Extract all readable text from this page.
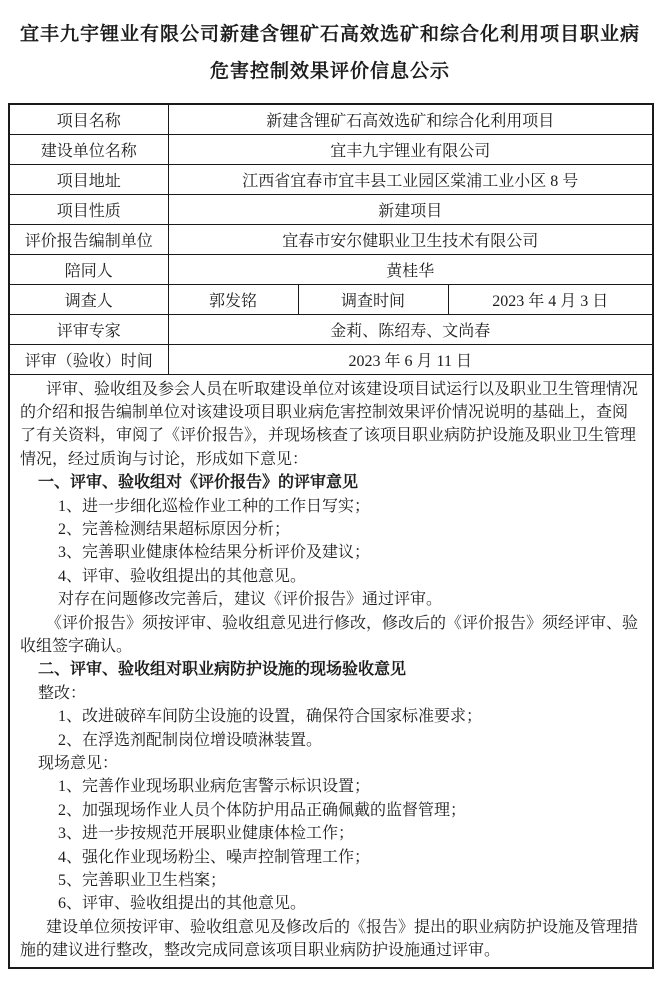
宜丰九宇锂业有限公司新建含锂矿石高效选矿和综合化利用项目职业病
危害控制效果评价信息公示
项目名称	新建含锂矿石高效选矿和综合化利用项目		
建设单位名称	宜丰九宇锂业有限公司		
项目地址	江西省宜春市宜丰县工业园区棠浦工业小区 8 号		
项目性质	新建项目		
评价报告编制单位	宜春市安尔健职业卫生技术有限公司		
陪同人	黄桂华		
调查人	郭发铭	调查时间	2023 年 4 月 3 日
评审专家	金莉、陈绍寿、文尚春		
评审（验收）时间	2023 年 6 月 11 日		

评审、验收组及参会人员在听取建设单位对该建设项目试运行以及职业卫生管理情况的介绍和报告编制单位对该建设项目职业病危害控制效果评价情况说明的基础上，查阅了有关资料，审阅了《评价报告》，并现场核查了该项目职业病防护设施及职业卫生管理情况，经过质询与讨论，形成如下意见：

一、评审、验收组对《评价报告》的评审意见

1、进一步细化巡检作业工种的工作日写实；

2、完善检测结果超标原因分析；

3、完善职业健康体检结果分析评价及建议；

4、评审、验收组提出的其他意见。

对存在问题修改完善后，建议《评价报告》通过评审。

《评价报告》须按评审、验收组意见进行修改，修改后的《评价报告》须经评审、验收组签字确认。

二、评审、验收组对职业病防护设施的现场验收意见

整改：

1、改进破碎车间防尘设施的设置，确保符合国家标准要求；

2、在浮选剂配制岗位增设喷淋装置。

现场意见：

1、完善作业现场职业病危害警示标识设置；

2、加强现场作业人员个体防护用品正确佩戴的监督管理；

3、进一步按规范开展职业健康体检工作；

4、强化作业现场粉尘、噪声控制管理工作；

5、完善职业卫生档案；

6、评审、验收组提出的其他意见。

建设单位须按评审、验收组意见及修改后的《报告》提出的职业病防护设施及管理措施的建议进行整改，整改完成同意该项目职业病防护设施通过评审。
